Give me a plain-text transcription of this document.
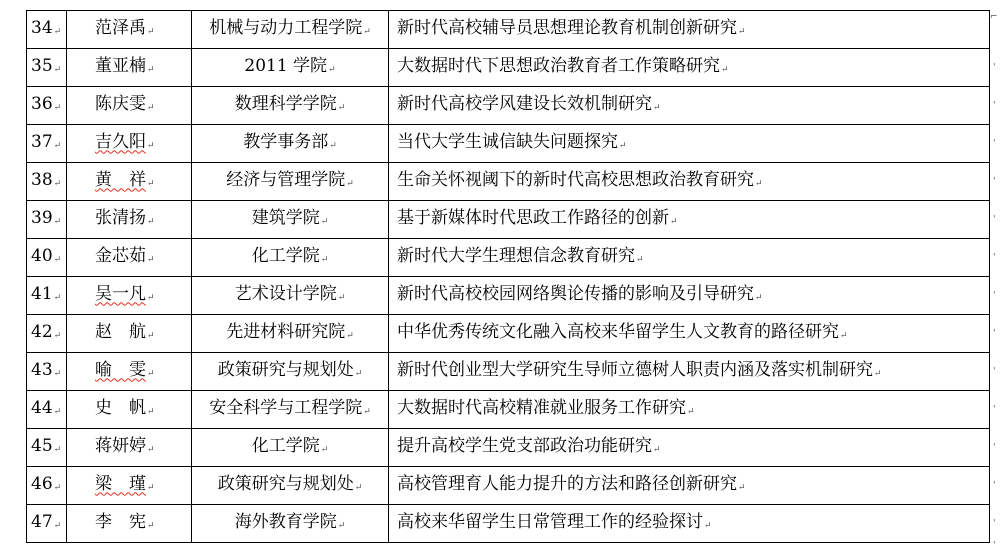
34↵	范泽禹↵	机械与动力工程学院↵	新时代高校辅导员思想理论教育机制创新研究↵
35↵	董亚楠↵	2011 学院↵	大数据时代下思想政治教育者工作策略研究↵
36↵	陈庆雯↵	数理科学学院↵	新时代高校学风建设长效机制研究↵
37↵	吉久阳↵	教学事务部↵	当代大学生诚信缺失问题探究↵
38↵	黄　祥↵	经济与管理学院↵	生命关怀视阈下的新时代高校思想政治教育研究↵
39↵	张清扬↵	建筑学院↵	基于新媒体时代思政工作路径的创新↵
40↵	金芯茹↵	化工学院↵	新时代大学生理想信念教育研究↵
41↵	吴一凡↵	艺术设计学院↵	新时代高校校园网络舆论传播的影响及引导研究↵
42↵	赵　航↵	先进材料研究院↵	中华优秀传统文化融入高校来华留学生人文教育的路径研究↵
43↵	喻　雯↵	政策研究与规划处↵	新时代创业型大学研究生导师立德树人职责内涵及落实机制研究↵
44↵	史　帆↵	安全科学与工程学院↵	大数据时代高校精准就业服务工作研究↵
45↵	蒋妍婷↵	化工学院↵	提升高校学生党支部政治功能研究↵
46↵	梁　瑾↵	政策研究与规划处↵	高校管理育人能力提升的方法和路径创新研究↵
47↵	李　宪↵	海外教育学院↵	高校来华留学生日常管理工作的经验探讨↵
⌐
'
'
'
'
'
'
'
'
'
'
'
'
'
'
